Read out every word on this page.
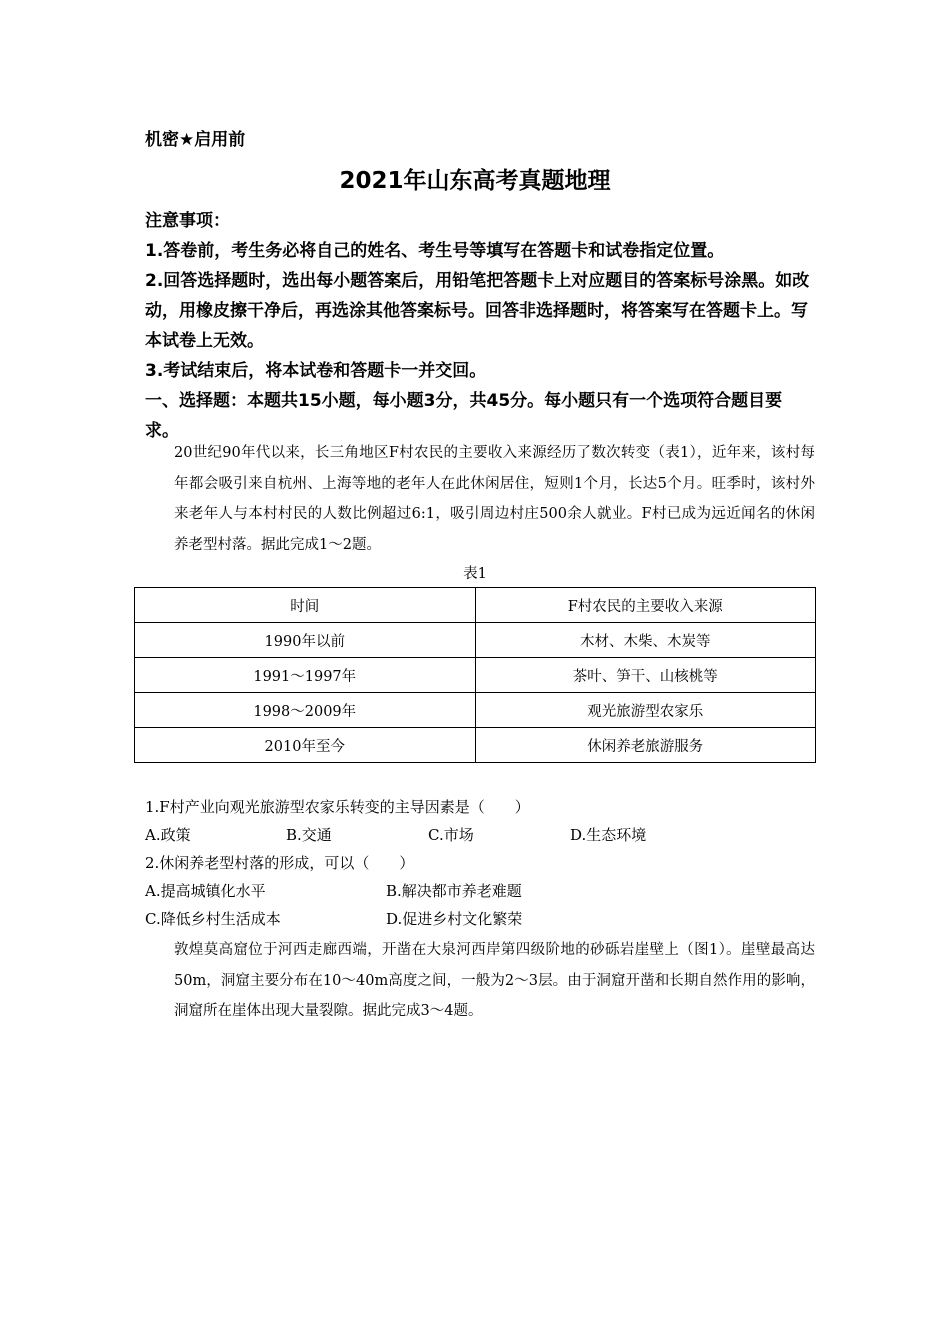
机密★启用前
2021年山东高考真题地理
注意事项：
1.答卷前，考生务必将自己的姓名、考生号等填写在答题卡和试卷指定位置。
2.回答选择题时，选出每小题答案后，用铅笔把答题卡上对应题目的答案标号涂黑。如改动，用橡皮擦干净后，再选涂其他答案标号。回答非选择题时，将答案写在答题卡上。写本试卷上无效。
3.考试结束后，将本试卷和答题卡一并交回。
一、选择题：本题共15小题，每小题3分，共45分。每小题只有一个选项符合题目要求。
20世纪90年代以来，长三角地区F村农民的主要收入来源经历了数次转变（表1），近年来，该村每年都会吸引来自杭州、上海等地的老年人在此休闲居住，短则1个月，长达5个月。旺季时，该村外来老年人与本村村民的人数比例超过6:1，吸引周边村庄500余人就业。F村已成为远近闻名的休闲养老型村落。据此完成1～2题。
表1
时间	F村农民的主要收入来源
1990年以前	木材、木柴、木炭等
1991～1997年	茶叶、笋干、山核桃等
1998～2009年	观光旅游型农家乐
2010年至今	休闲养老旅游服务
1.F村产业向观光旅游型农家乐转变的主导因素是（　　）
A.政策	B.交通	C.市场	D.生态环境
2.休闲养老型村落的形成，可以（　　）
A.提高城镇化水平	B.解决都市养老难题
C.降低乡村生活成本	D.促进乡村文化繁荣
敦煌莫高窟位于河西走廊西端，开凿在大泉河西岸第四级阶地的砂砾岩崖壁上（图1）。崖壁最高达50m，洞窟主要分布在10～40m高度之间，一般为2～3层。由于洞窟开凿和长期自然作用的影响，洞窟所在崖体出现大量裂隙。据此完成3～4题。
